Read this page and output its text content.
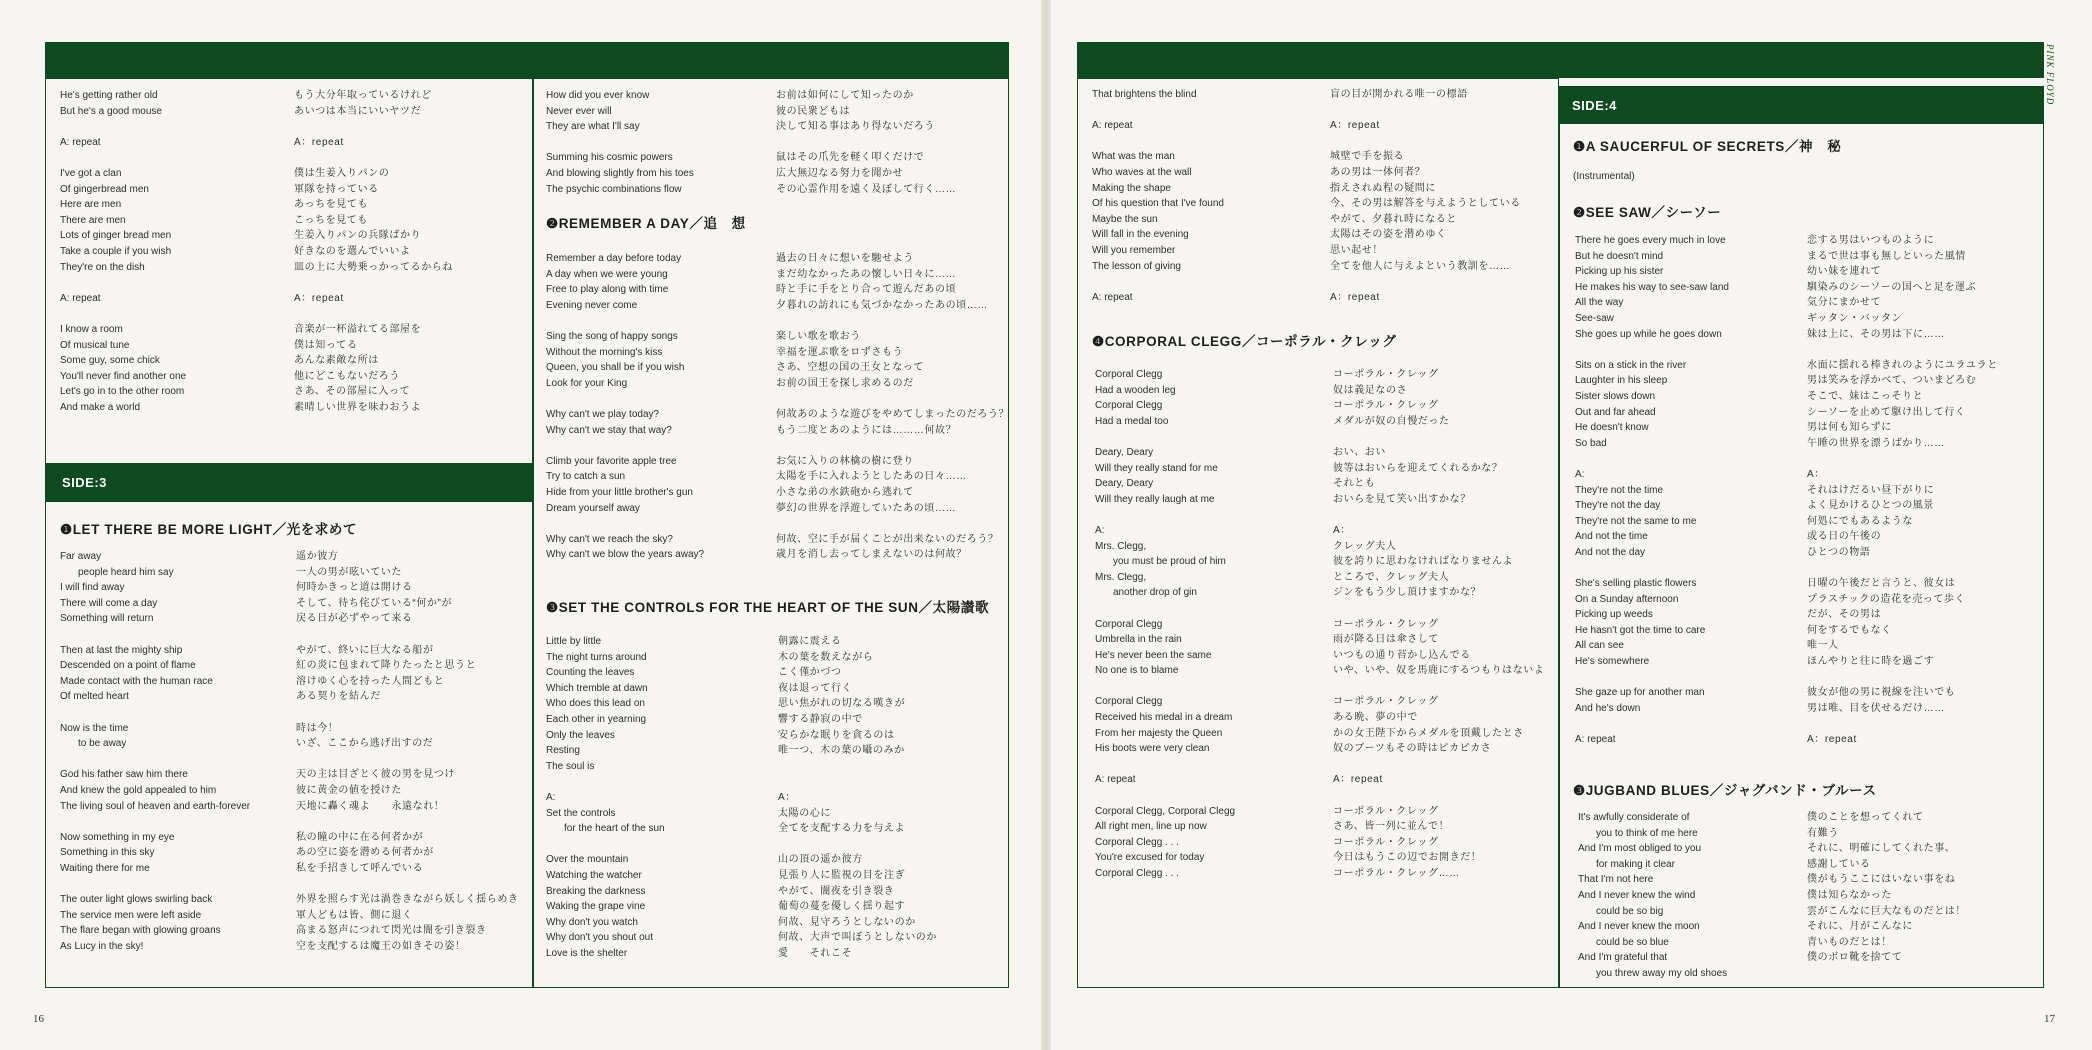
SIDE:3
He's getting rather old
But he's a good mouse
A: repeat
I've got a clan
Of gingerbread men
Here are men
There are men
Lots of ginger bread men
Take a couple if you wish
They're on the dish
A: repeat
I know a room
Of musical tune
Some guy, some chick
You'll never find another one
Let's go in to the other room
And make a world
もう大分年取っているけれど
あいつは本当にいいヤツだ
A：repeat
僕は生姜入りパンの
軍隊を持っている
あっちを見ても
こっちを見ても
生姜入りパンの兵隊ばかり
好きなのを選んでいいよ
皿の上に大勢乗っかってるからね
A：repeat
音楽が一杯溢れてる部屋を
僕は知ってる
あんな素敵な所は
他にどこもないだろう
さあ、その部屋に入って
素晴しい世界を味わおうよ
How did you ever know
Never ever will
They are what I'll say
Summing his cosmic powers
And blowing slightly from his toes
The psychic combinations flow
お前は如何にして知ったのか
彼の民衆どもは
決して知る事はあり得ないだろう
鼠はその爪先を軽く叩くだけで
広大無辺なる努力を聞かせ
その心霊作用を遠く及ぼして行く……
❷REMEMBER A DAY／追　想
Remember a day before today
A day when we were young
Free to play along with time
Evening never come
Sing the song of happy songs
Without the morning's kiss
Queen, you shall be if you wish
Look for your King
Why can't we play today?
Why can't we stay that way?
Climb your favorite apple tree
Try to catch a sun
Hide from your little brother's gun
Dream yourself away
Why can't we reach the sky?
Why can't we blow the years away?
過去の日々に想いを馳せよう
まだ幼なかったあの懐しい日々に……
時と手に手をとり合って遊んだあの頃
夕暮れの訪れにも気づかなかったあの頃……
楽しい歌を歌おう
幸福を運ぶ歌をロずさもう
さあ、空想の国の王女となって
お前の国王を探し求めるのだ
何故あのような遊びをやめてしまったのだろう？
もう二度とあのようには………何故？
お気に入りの林檎の樹に登り
太陽を手に入れようとしたあの日々……
小さな弟の水鉄砲から逃れて
夢幻の世界を浮遊していたあの頃……
何故、空に手が届くことが出来ないのだろう？
歳月を消し去ってしまえないのは何故？
❸SET THE CONTROLS FOR THE HEART OF THE SUN／太陽讃歌
Little by little
The night turns around
Counting the leaves
Which tremble at dawn
Who does this lead on
Each other in yearning
Only the leaves
Resting
The soul is
A:
Set the controls
for the heart of the sun
Over the mountain
Watching the watcher
Breaking the darkness
Waking the grape vine
Why don't you watch
Why don't you shout out
Love is the shelter
朝露に震える
木の葉を数えながら
こく僅かづつ
夜は退って行く
思い焦がれの切なる嘆きが
響する静寂の中で
安らかな眠りを貪るのは
唯一つ、木の葉の囁のみか
A：
太陽の心に
全てを支配する力を与えよ
山の頂の遥か彼方
見張り人に監視の目を注ぎ
やがて、闇夜を引き裂き
葡萄の蔓を優しく揺り起す
何故、見守ろうとしないのか
何故、大声で叫ぼうとしないのか
愛　　それこそ
❶LET THERE BE MORE LIGHT／光を求めて
Far away
people heard him say
I will find away
There will come a day
Something will return
Then at last the mighty ship
Descended on a point of flame
Made contact with the human race
Of melted heart
Now is the time
to be away
God his father saw him there
And knew the gold appealed to him
The living soul of heaven and earth-forever
Now something in my eye
Something in this sky
Waiting there for me
The outer light glows swirling back
The service men were left aside
The flare began with glowing groans
As Lucy in the sky!
遥か彼方
一人の男が呟いていた
何時かきっと道は開ける
そして、待ち侘びている“何か”が
戻る日が必ずやって来る
やがて、終いに巨大なる船が
紅の炎に包まれて降りたったと思うと
溶けゆく心を持った人間どもと
ある契りを結んだ
時は今！
いざ、ここから逃げ出すのだ
天の主は目ざとく彼の男を見つけ
彼に黄金の値を授けた
天地に轟く魂よ　　永遠なれ！
私の瞳の中に在る何者かが
あの空に姿を潜める何者かが
私を手招きして呼んでいる
外界を照らす光は渦巻きながら妖しく揺らめき
軍人どもは皆、側に退く
高まる怒声につれて閃光は闇を引き裂き
空を支配するは魔王の如きその姿！
16
SIDE:4
PINK FLOYD
That brightens the blind
A: repeat
What was the man
Who waves at the wall
Making the shape
Of his question that I've found
Maybe the sun
Will fall in the evening
Will you remember
The lesson of giving
A: repeat
盲の目が開かれる唯一の標語
A：repeat
城壁で手を振る
あの男は一体何者？
指えされぬ程の疑問に
今、その男は解答を与えようとしている
やがて、夕暮れ時になると
太陽はその姿を潜めゆく
思い起せ！
全てを他人に与えよという教訓を……
A：repeat
❹CORPORAL CLEGG／コーポラル・クレッグ
Corporal Clegg
Had a wooden leg
Corporal Clegg
Had a medal too
Deary, Deary
Will they really stand for me
Deary, Deary
Will they really laugh at me
A:
Mrs. Clegg,
you must be proud of him
Mrs. Clegg,
another drop of gin
Corporal Clegg
Umbrella in the rain
He's never been the same
No one is to blame
Corporal Clegg
Received his medal in a dream
From her majesty the Queen
His boots were very clean
A: repeat
Corporal Clegg, Corporal Clegg
All right men, line up now
Corporal Clegg . . .
You're excused for today
Corporal Clegg . . .
コーポラル・クレッグ
奴は義足なのさ
コーポラル・クレッグ
メダルが奴の自慢だった
おい、おい
彼等はおいらを迎えてくれるかな？
それとも
おいらを見て笑い出すかな？
A：
クレッグ夫人
彼を誇りに思わなければなりませんよ
ところで、クレッグ夫人
ジンをもう少し頂けますかな？
コーポラル・クレッグ
雨が降る日は傘さして
いつもの通り苔かし込んでる
いや、いや、奴を馬鹿にするつもりはないよ
コーポラル・クレッグ
ある晩、夢の中で
かの女王陛下からメダルを頂戴したとさ
奴のブーツもその時はピカピカさ
A：repeat
コーポラル・クレッグ
さあ、皆一列に並んで！
コーポラル・クレッグ
今日はもうこの辺でお開きだ！
コーポラル・クレッグ……
❶A SAUCERFUL OF SECRETS／神　秘
(Instrumental)
❷SEE SAW／シーソー
There he goes every much in love
But he doesn't mind
Picking up his sister
He makes his way to see-saw land
All the way
See-saw
She goes up while he goes down
Sits on a stick in the river
Laughter in his sleep
Sister slows down
Out and far ahead
He doesn't know
So bad
A:
They're not the time
They're not the day
They're not the same to me
And not the time
And not the day
She's selling plastic flowers
On a Sunday afternoon
Picking up weeds
He hasn't got the time to care
All can see
He's somewhere
She gaze up for another man
And he's down
A: repeat
恋する男はいつものように
まるで世は事も無しといった風情
幼い妹を連れて
馴染みのシーソーの国へと足を運ぶ
気分にまかせて
ギッタン・バッタン
妹は上に、その男は下に……
水面に揺れる棒きれのようにユラユラと
男は笑みを浮かべて、ついまどろむ
そこで、妹はこっそりと
シーソーを止めて駆け出して行く
男は何も知らずに
午睡の世界を漂うばかり……
A：
それはけだるい昼下がりに
よく見かけるひとつの風景
何処にでもあるような
或る日の午後の
ひとつの物語
日曜の午後だと言うと、彼女は
プラスチックの造花を売って歩く
だが、その男は
何をするでもなく
唯一人
ほんやりと往に時を過ごす
彼女が他の男に視線を注いでも
男は唯、目を伏せるだけ……
A：repeat
❸JUGBAND BLUES／ジャグバンド・ブルース
It's awfully considerate of
you to think of me here
And I'm most obliged to you
for making it clear
That I'm not here
And I never knew the wind
could be so big
And I never knew the moon
could be so blue
And I'm grateful that
you threw away my old shoes
僕のことを想ってくれて
有難う
それに、明確にしてくれた事、
感謝している
僕がもうここにはいない事をね
僕は知らなかった
雲がこんなに巨大なものだとは！
それに、月がこんなに
青いものだとは！
僕のボロ靴を捨てて
17
